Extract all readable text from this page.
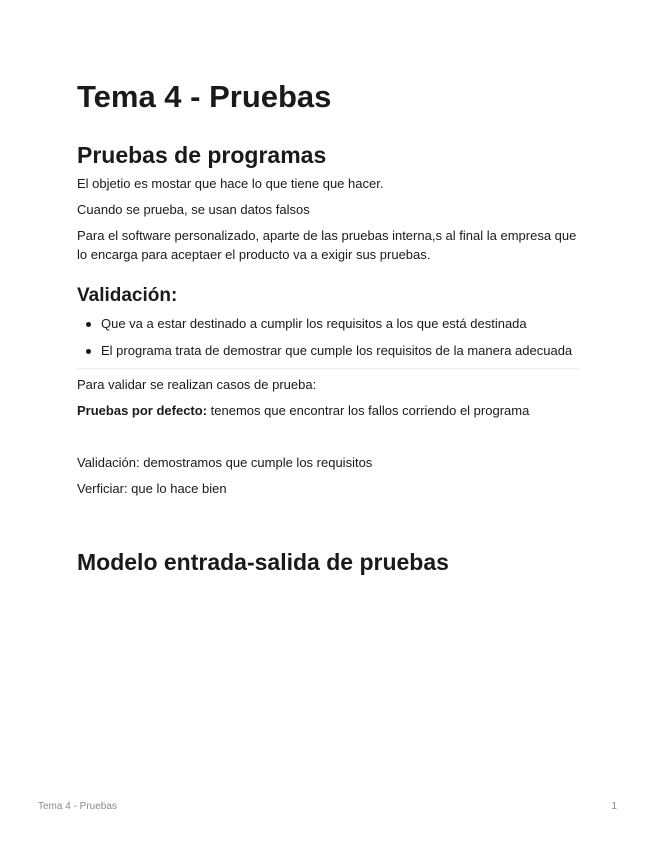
Tema 4 - Pruebas
Pruebas de programas

El objetio es mostar que hace lo que tiene que hacer.

Cuando se prueba, se usan datos falsos

Para el software personalizado, aparte de las pruebas interna,s al final la empresa que lo encarga para aceptaer el producto va a exigir sus pruebas.

Validación:
Que va a estar destinado a cumplir los requisitos a los que está destinada
El programa trata de demostrar que cumple los requisitos de la manera adecuada

Para validar se realizan casos de prueba:

Pruebas por defecto: tenemos que encontrar los fallos corriendo el programa

Validación: demostramos que cumple los requisitos

Verficiar: que lo hace bien

Modelo entrada-salida de pruebas
Tema 4 - Pruebas	1
